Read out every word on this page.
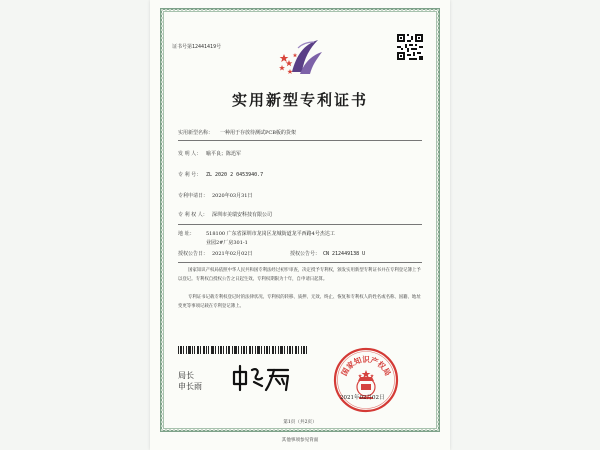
证书号第12441419号
实用新型专利证书
实用新型名称： 一种用于存放待测试PCB板的货架
发 明 人： 喻平良；陈迅军
专 利 号： ZL 2020 2 0453940.7
专利申请日： 2020年03月31日
专 利 权 人： 深圳市美瑞安科技有限公司
地 址： 518100 广东省深圳市龙岗区龙城街道龙平西路4号杰达工
业园2#厂房301-1
授权公告日： 2021年02月02日	授权公告号： CN 212449138 U
国家知识产权局依照中华人民共和国专利法经过初步审查，决定授予专利权，颁发实用新型专利证书并在专利登记簿上予以登记。专利权自授权公告之日起生效。专利权期限为十年，自申请日起算。
专利证书记载专利权登记时的法律状况。专利权的转移、质押、无效、终止、恢复和专利权人的姓名或名称、国籍、地址变更等事项记载在专利登记簿上。
局长
申长雨
国家知识产权局
2021年02月02日
第1页（共2页）
其他事项参见背面
